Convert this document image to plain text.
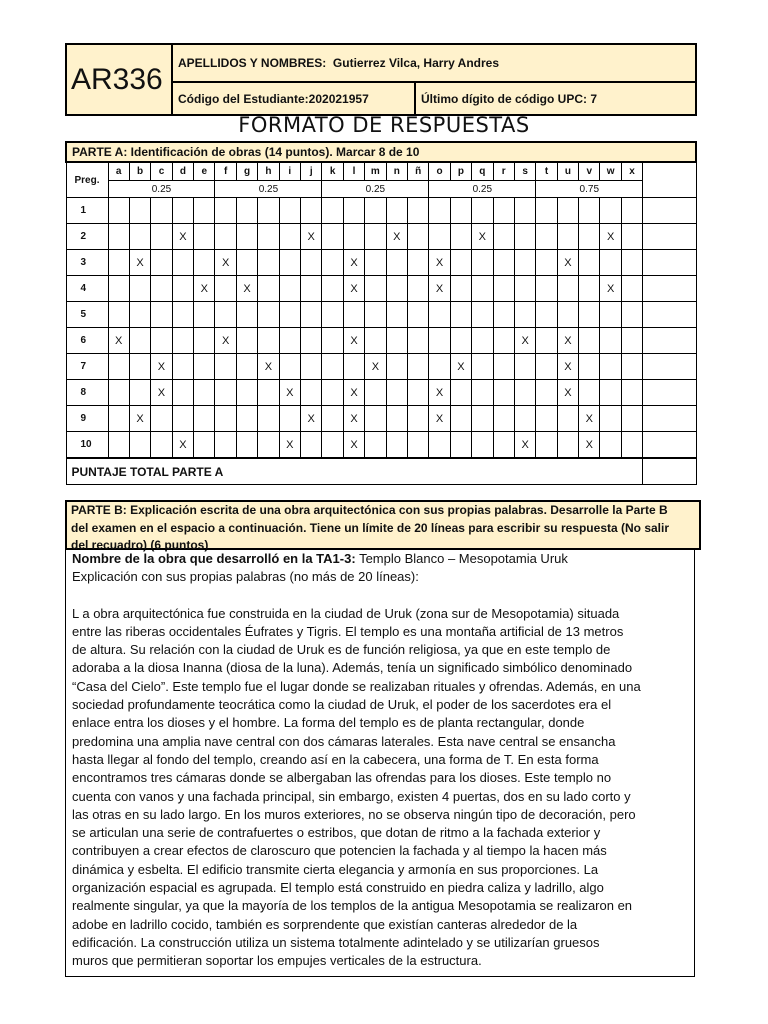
AR336	APELLIDOS Y NOMBRES: Gutierrez Vilca, Harry Andres	
	Código del Estudiante:202021957	Último dígito de código UPC: 7
FORMATO DE RESPUESTAS
PARTE A: Identificación de obras (14 puntos). Marcar 8 de 10																										
Preg.	a	b	c	d	e	f	g	h	i	j	k	l	m	n	ñ	o	p	q	r	s	t	u	v	w	x	
	0.25					0.25					0.25					0.25					0.75					
1																										
2				X						X				X				X						X		
3		X				X						X				X						X				
4					X		X					X				X								X		
5																										
6	X					X						X								X		X				
7			X					X					X				X					X				
8			X						X			X				X						X				
9		X								X		X				X							X			
10				X					X			X								X			X			
PUNTAJE TOTAL PARTE A																										
PARTE B: Explicación escrita de una obra arquitectónica con sus propias palabras. Desarrolle la Parte B
del examen en el espacio a continuación. Tiene un límite de 20 líneas para escribir su respuesta (No salir
del recuadro) (6 puntos)
Nombre de la obra que desarrolló en la TA1-3: Templo Blanco – Mesopotamia Uruk
Explicación con sus propias palabras (no más de 20 líneas):
L a obra arquitectónica fue construida en la ciudad de Uruk (zona sur de Mesopotamia) situada
entre las riberas occidentales Éufrates y Tigris. El templo es una montaña artificial de 13 metros
de altura. Su relación con la ciudad de Uruk es de función religiosa, ya que en este templo de
adoraba a la diosa Inanna (diosa de la luna). Además, tenía un significado simbólico denominado
“Casa del Cielo”. Este templo fue el lugar donde se realizaban rituales y ofrendas. Además, en una
sociedad profundamente teocrática como la ciudad de Uruk, el poder de los sacerdotes era el
enlace entra los dioses y el hombre. La forma del templo es de planta rectangular, donde
predomina una amplia nave central con dos cámaras laterales. Esta nave central se ensancha
hasta llegar al fondo del templo, creando así en la cabecera, una forma de T. En esta forma
encontramos tres cámaras donde se albergaban las ofrendas para los dioses. Este templo no
cuenta con vanos y una fachada principal, sin embargo, existen 4 puertas, dos en su lado corto y
las otras en su lado largo. En los muros exteriores, no se observa ningún tipo de decoración, pero
se articulan una serie de contrafuertes o estribos, que dotan de ritmo a la fachada exterior y
contribuyen a crear efectos de claroscuro que potencien la fachada y al tiempo la hacen más
dinámica y esbelta. El edificio transmite cierta elegancia y armonía en sus proporciones. La
organización espacial es agrupada. El templo está construido en piedra caliza y ladrillo, algo
realmente singular, ya que la mayoría de los templos de la antigua Mesopotamia se realizaron en
adobe en ladrillo cocido, también es sorprendente que existían canteras alrededor de la
edificación. La construcción utiliza un sistema totalmente adintelado y se utilizarían gruesos
muros que permitieran soportar los empujes verticales de la estructura.
